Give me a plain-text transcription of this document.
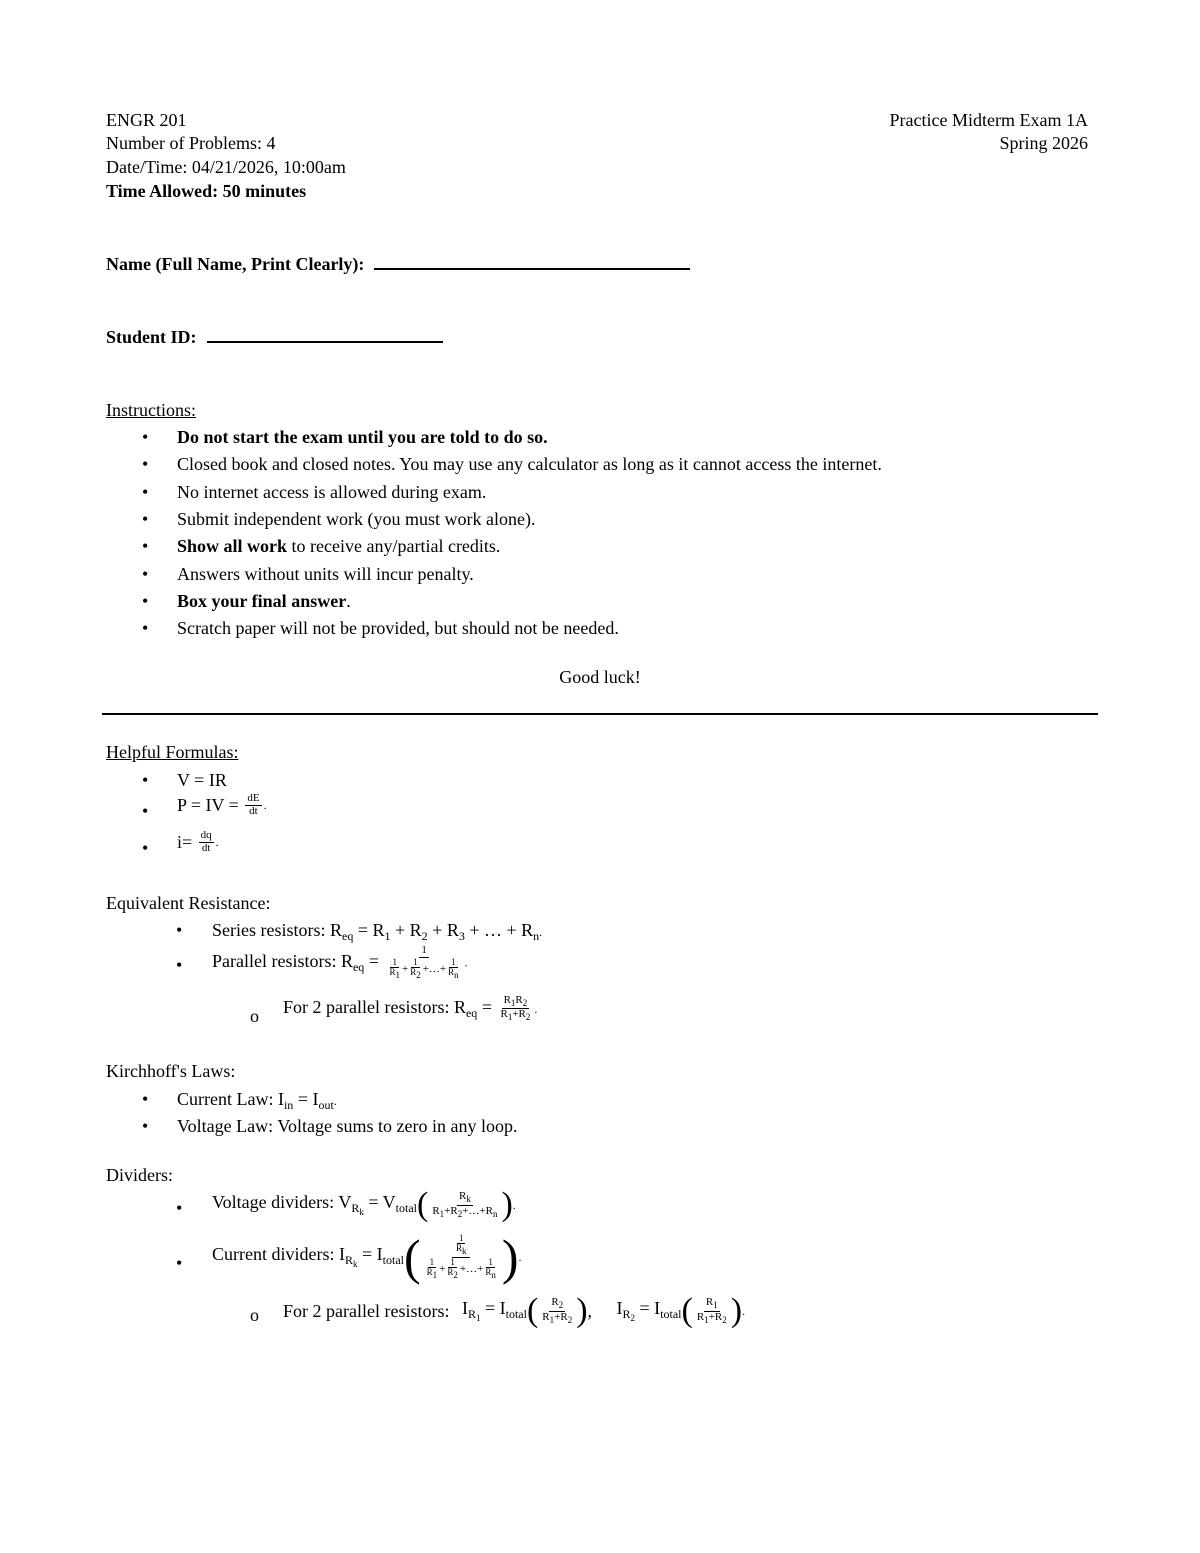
ENGR 201	Practice Midterm Exam 1A
Number of Problems: 4	Spring 2026
Date/Time: 04/21/2026, 10:00am
Time Allowed: 50 minutes
Name (Full Name, Print Clearly):
Student ID:
Instructions:
• Do not start the exam until you are told to do so.
• Closed book and closed notes. You may use any calculator as long as it cannot access the internet.
• No internet access is allowed during exam.
• Submit independent work (you must work alone).
• Show all work to receive any/partial credits.
• Answers without units will incur penalty.
• Box your final answer.
• Scratch paper will not be provided, but should not be needed.
Good luck!
Helpful Formulas:
• V = IR
• P = IV = $\frac{dE}{dt}$ .
• $i= \frac{dq}{dt}$ .
Equivalent Resistance:
• Series resistors: $R_{eq} = R_1 + R_2 + R_3$ + … + $R_n$.
• Parallel resistors: $R_{eq} = \frac{1}{\frac{1}{R1} + \frac{1}{R2} +\dots+ \frac{1}{Rn}}$ .
o For 2 parallel resistors: $R_{eq} = \frac{R_1R_2}{R_1+R_2}$ .
Kirchhoff's Laws:
• Current Law: $I_{in} = I_{out}$.
• Voltage Law: Voltage sums to zero in any loop.
Dividers:
• Voltage dividers: $V_{R_k} = V_{total}( \frac{R_k}{R_1+R_2+\dots+R_n}$ ).
• Current dividers: $I_{R_k} = I_{total}( \frac{\frac{1}{Rk}}{\frac{1}{R1} + \frac{1}{R2} +\dots+ \frac{1}{Rn}}$ ).
o For 2 parallel resistors: $I_{R_1} = I_{total}( \frac{R_2}{R_1+R_2}$ ), $I_{R_2} = I_{total}( \frac{R_1}{R_1+R_2}$ ).
